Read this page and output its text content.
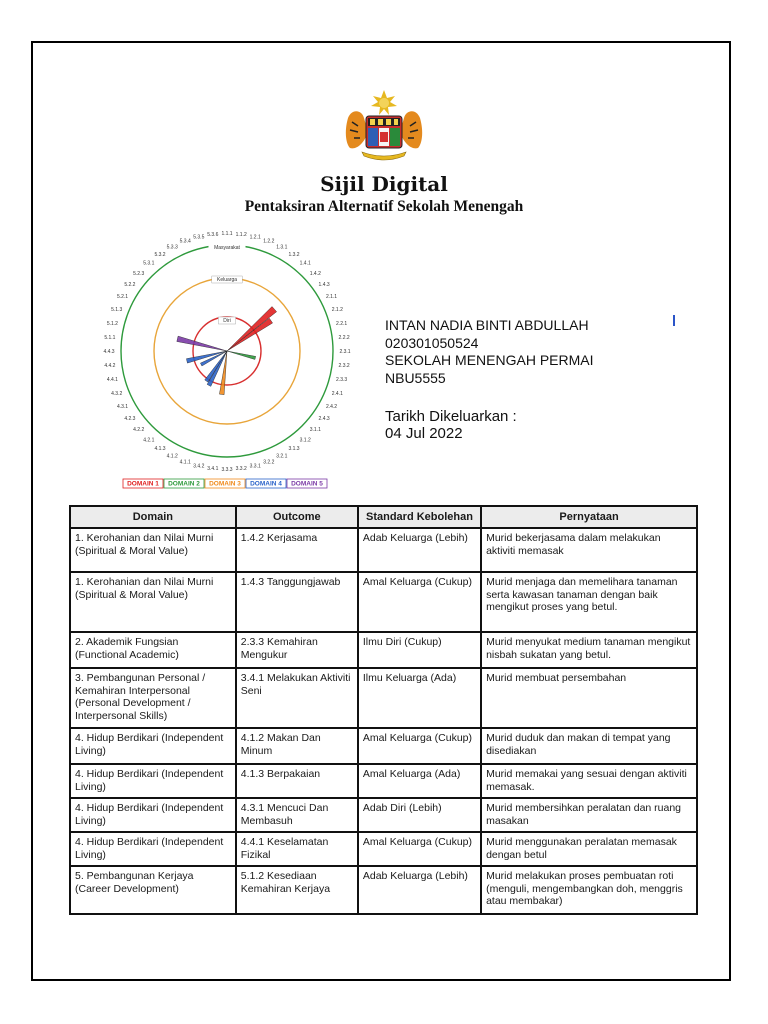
Sijil Digital
Pentaksiran Alternatif Sekolah Menengah
Masyarakat
Keluarga
Diri
1.1.1 1.1.2 1.2.1
1.2.2
1.3.1
1.3.2
1.4.1
1.4.2
1.4.3
2.1.1
2.1.2
2.2.1
2.2.2
2.3.1
2.3.2
2.3.3
2.4.1
2.4.2
2.4.3
3.1.1
3.1.2
3.1.3
3.2.1
3.2.2
3.3.1
3.3.2
3.3.3
3.4.1
3.4.2
4.1.1
4.1.2
4.1.3
4.2.1
4.2.2
4.2.3
4.3.1
4.3.2
4.4.1
4.4.2
4.4.3
5.1.1
5.1.2
5.1.3
5.2.1
5.2.2
5.2.3
5.3.1
5.3.2
5.3.3
5.3.4
5.3.5 5.3.6
DOMAIN 1 DOMAIN 2 DOMAIN 3 DOMAIN 4 DOMAIN 5
INTAN NADIA BINTI ABDULLAH
020301050524
SEKOLAH MENENGAH PERMAI
NBU5555
Tarikh Dikeluarkan :
04 Jul 2022
Domain	Outcome	Standard Kebolehan	Pernyataan
1. Kerohanian dan Nilai Murni (Spiritual & Moral Value)	1.4.2 Kerjasama	Adab Keluarga (Lebih)	Murid bekerjasama dalam melakukan aktiviti memasak
1. Kerohanian dan Nilai Murni (Spiritual & Moral Value)	1.4.3 Tanggungjawab	Amal Keluarga (Cukup)	Murid menjaga dan memelihara tanaman serta kawasan tanaman dengan baik mengikut proses yang betul.
2. Akademik Fungsian (Functional Academic)	2.3.3 Kemahiran Mengukur	Ilmu Diri (Cukup)	Murid menyukat medium tanaman mengikut nisbah sukatan yang betul.
3. Pembangunan Personal / Kemahiran Interpersonal (Personal Development / Interpersonal Skills)	3.4.1 Melakukan Aktiviti Seni	Ilmu Keluarga (Ada)	Murid membuat persembahan
4. Hidup Berdikari (Independent Living)	4.1.2 Makan Dan Minum	Amal Keluarga (Cukup)	Murid duduk dan makan di tempat yang disediakan
4. Hidup Berdikari (Independent Living)	4.1.3 Berpakaian	Amal Keluarga (Ada)	Murid memakai yang sesuai dengan aktiviti memasak.
4. Hidup Berdikari (Independent Living)	4.3.1 Mencuci Dan Membasuh	Adab Diri (Lebih)	Murid membersihkan peralatan dan ruang masakan
4. Hidup Berdikari (Independent Living)	4.4.1 Keselamatan Fizikal	Amal Keluarga (Cukup)	Murid menggunakan peralatan memasak dengan betul
5. Pembangunan Kerjaya (Career Development)	5.1.2 Kesediaan Kemahiran Kerjaya	Adab Keluarga (Lebih)	Murid melakukan proses pembuatan roti (menguli, mengembangkan doh, menggris atau membakar)
